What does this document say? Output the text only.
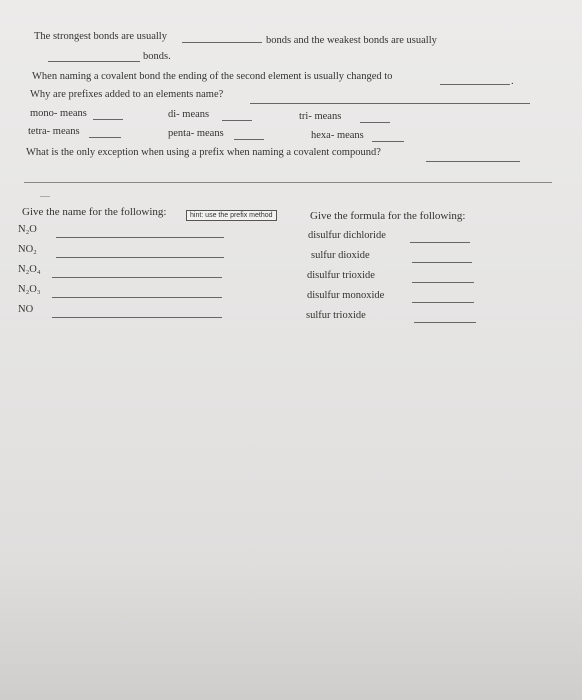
The strongest bonds are usually	bonds and the weakest bonds are usually
bonds.
When naming a covalent bond the ending of the second element is usually changed to	.
Why are prefixes added to an elements name?
mono- means	di- means	tri- means
tetra- means	penta- means	hexa- means
What is the only exception when using a prefix when naming a covalent compound?
Give the name for the following:	hint: use the prefix method
N₂O
NO₂
N₂O₄
N₂O₃
NO
Give the formula for the following:
disulfur dichloride
sulfur dioxide
disulfur trioxide
disulfur monoxide
sulfur trioxide
